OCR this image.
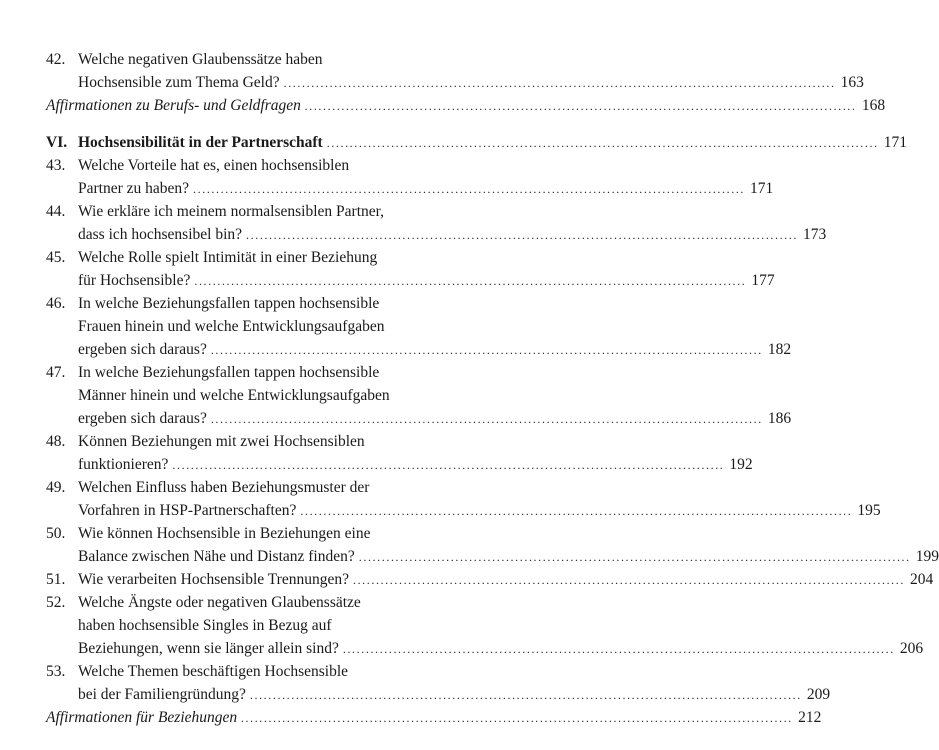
42. Welche negativen Glaubenssätze haben
Hochsensible zum Thema Geld? ........................................................................................................................ 163
Affirmationen zu Berufs- und Geldfragen ........................................................................................................................ 168
VI. Hochsensibilität in der Partnerschaft ........................................................................................................................ 171
43. Welche Vorteile hat es, einen hochsensiblen
Partner zu haben? ........................................................................................................................ 171
44. Wie erkläre ich meinem normalsensiblen Partner,
dass ich hochsensibel bin? ........................................................................................................................ 173
45. Welche Rolle spielt Intimität in einer Beziehung
für Hochsensible? ........................................................................................................................ 177
46. In welche Beziehungsfallen tappen hochsensible
Frauen hinein und welche Entwicklungsaufgaben
ergeben sich daraus? ........................................................................................................................ 182
47. In welche Beziehungsfallen tappen hochsensible
Männer hinein und welche Entwicklungsaufgaben
ergeben sich daraus? ........................................................................................................................ 186
48. Können Beziehungen mit zwei Hochsensiblen
funktionieren? ........................................................................................................................ 192
49. Welchen Einfluss haben Beziehungsmuster der
Vorfahren in HSP-Partnerschaften? ........................................................................................................................ 195
50. Wie können Hochsensible in Beziehungen eine
Balance zwischen Nähe und Distanz finden? ........................................................................................................................ 199
51. Wie verarbeiten Hochsensible Trennungen? ........................................................................................................................ 204
52. Welche Ängste oder negativen Glaubenssätze
haben hochsensible Singles in Bezug auf
Beziehungen, wenn sie länger allein sind? ........................................................................................................................ 206
53. Welche Themen beschäftigen Hochsensible
bei der Familiengründung? ........................................................................................................................ 209
Affirmationen für Beziehungen ........................................................................................................................ 212
